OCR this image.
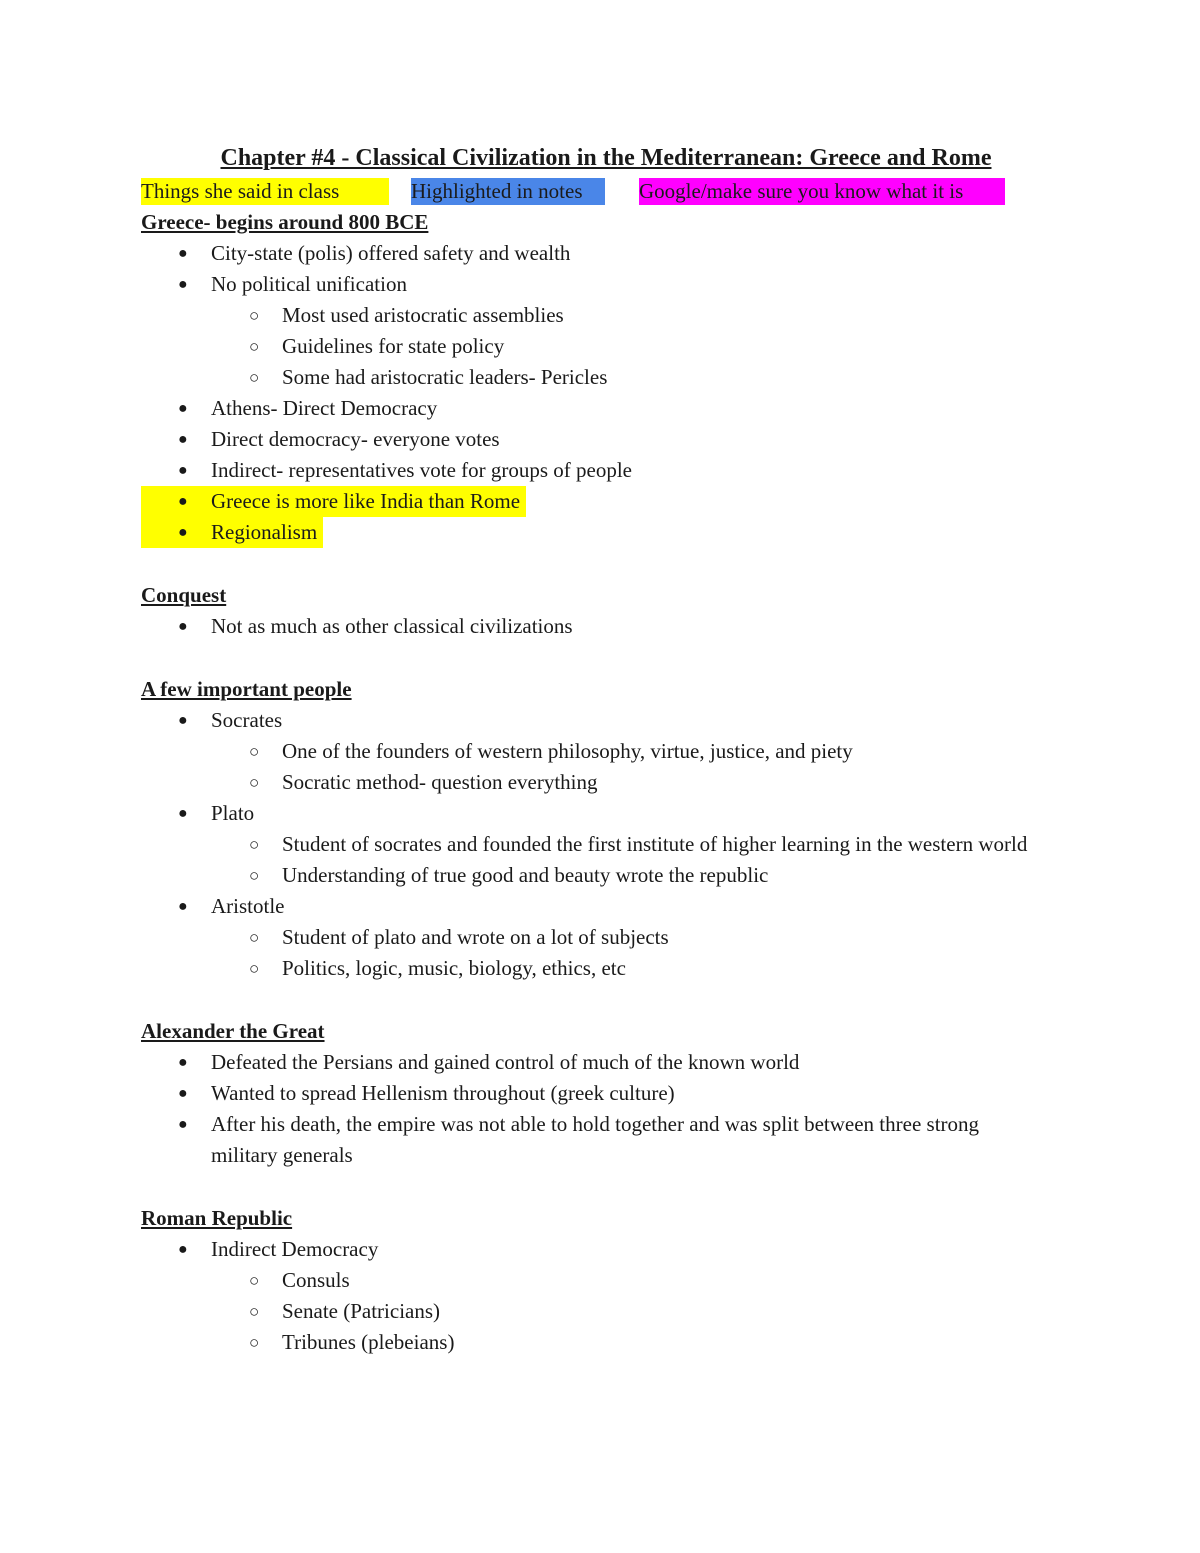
Chapter #4 - Classical Civilization in the Mediterranean: Greece and Rome
Things she said in class	Highlighted in notes	Google/make sure you know what it is
Greece- begins around 800 BCE
●	City-state (polis) offered safety and wealth
●	No political unification
○	Most used aristocratic assemblies
○	Guidelines for state policy
○	Some had aristocratic leaders- Pericles
●	Athens- Direct Democracy
●	Direct democracy- everyone votes
●	Indirect- representatives vote for groups of people
● Greece is more like India than Rome
● Regionalism
Conquest
●	Not as much as other classical civilizations
A few important people
●	Socrates
○	One of the founders of western philosophy, virtue, justice, and piety
○	Socratic method- question everything
●	Plato
○	Student of socrates and founded the first institute of higher learning in the western world
○	Understanding of true good and beauty wrote the republic
●	Aristotle
○	Student of plato and wrote on a lot of subjects
○	Politics, logic, music, biology, ethics, etc
Alexander the Great
●	Defeated the Persians and gained control of much of the known world
●	Wanted to spread Hellenism throughout (greek culture)
●	After his death, the empire was not able to hold together and was split between three strong military generals
Roman Republic
●	Indirect Democracy
○	Consuls
○	Senate (Patricians)
○	Tribunes (plebeians)
